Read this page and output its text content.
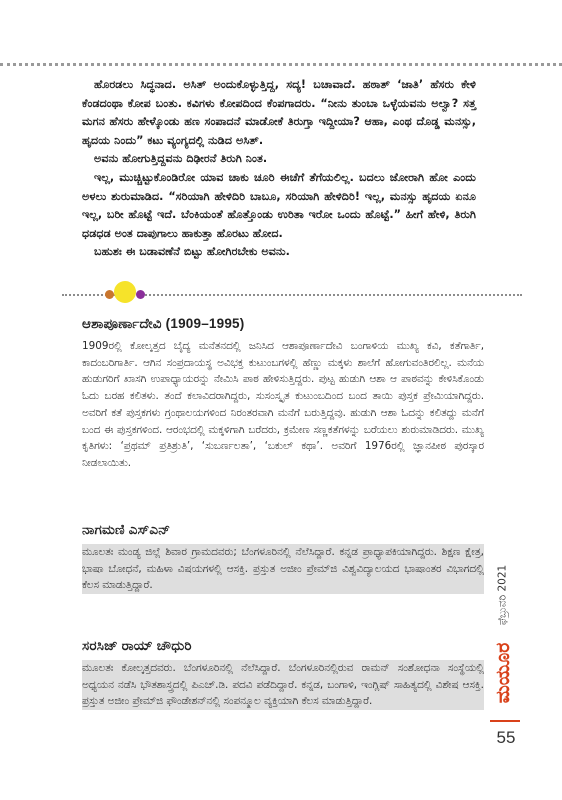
ಹೊರಡಲು ಸಿದ್ಧನಾದ. ಅಸಿತ್ ಅಂದುಕೊಳ್ಳುತ್ತಿದ್ದ, ಸದ್ಯ! ಬಚಾವಾದೆ. ಹಠಾತ್ ‘ಜಾತಿ’ ಹೆಸರು ಕೇಳಿ ಕೆಂಡದಂಥಾ ಕೋಪ ಬಂತು. ಕವಿಗಳು ಕೋಪದಿಂದ ಕೆಂಪಗಾದರು. “ನೀನು ತುಂಬಾ ಒಳ್ಳೆಯವನು ಅಲ್ವಾ? ಸತ್ತ ಮಗನ ಹೆಸರು ಹೇಳ್ಕೊಂಡು ಹಣ ಸಂಪಾದನೆ ಮಾಡೋಕೆ ತಿರುಗ್ತಾ ಇದ್ದೀಯಾ? ಆಹಾ, ಎಂಥ ದೊಡ್ಡ ಮನಸ್ಸು, ಹೃದಯ ನಿಂದು” ಕಟು ವ್ಯಂಗ್ಯದಲ್ಲಿ ನುಡಿದ ಅಸಿತ್.

ಅವನು ಹೋಗುತ್ತಿದ್ದವನು ದಿಢೀರನೆ ತಿರುಗಿ ನಿಂತ.

ಇಲ್ಲ, ಮುಚ್ಚಿಟ್ಟುಕೊಂಡಿರೋ ಯಾವ ಚಾಕು ಚೂರಿ ಈಚೆಗೆ ತೆಗೆಯಲಿಲ್ಲ. ಬದಲು ಜೋರಾಗಿ ಹೋ ಎಂದು ಅಳಲು ಶುರುಮಾಡಿದ. “ಸರಿಯಾಗಿ ಹೇಳಿದಿರಿ ಬಾಬೂ, ಸರಿಯಾಗಿ ಹೇಳಿದಿರಿ! ಇಲ್ಲ, ಮನಸ್ಸು ಹೃದಯ ಏನೂ ಇಲ್ಲ, ಬರೀ ಹೊಟ್ಟೆ ಇದೆ. ಬೆಂಕಿಯಂತೆ ಹೊತ್ತೊಂಡು ಉರಿತಾ ಇರೋ ಒಂದು ಹೊಟ್ಟೆ.” ಹೀಗೆ ಹೇಳಿ, ತಿರುಗಿ ಧಡಧಡ ಅಂತ ದಾಪುಗಾಲು ಹಾಕುತ್ತಾ ಹೊರಟು ಹೋದ.

ಬಹುಶಃ ಈ ಬಡಾವಣೆನೆ ಬಿಟ್ಟು ಹೋಗಿರಬೇಕು ಅವನು.

ಆಶಾಪೂರ್ಣಾದೇವಿ (1909–1995)

1909ರಲ್ಲಿ ಕೋಲ್ಕತ್ತದ ಬೈದ್ಯ ಮನೆತನದಲ್ಲಿ ಜನಿಸಿದ ಆಶಾಪೂರ್ಣಾದೇವಿ ಬಂಗಾಳಿಯ ಮುಖ್ಯ ಕವಿ, ಕತೆಗಾರ್ತಿ, ಕಾದಂಬರಿಗಾರ್ತಿ. ಆಗಿನ ಸಂಪ್ರದಾಯಸ್ಥ ಅವಿಭಕ್ತ ಕುಟುಂಬಗಳಲ್ಲಿ ಹೆಣ್ಣು ಮಕ್ಕಳು ಶಾಲೆಗೆ ಹೋಗುವಂತಿರಲಿಲ್ಲ. ಮನೆಯ ಹುಡುಗರಿಗೆ ಖಾಸಗಿ ಉಪಾಧ್ಯಾಯರನ್ನು ನೇಮಿಸಿ ಪಾಠ ಹೇಳಿಸುತ್ತಿದ್ದರು. ಪುಟ್ಟ ಹುಡುಗಿ ಆಶಾ ಆ ಪಾಠವನ್ನು ಕೇಳಿಸಿಕೊಂಡು ಓದು ಬರಹ ಕಲಿತಳು. ತಂದೆ ಕಲಾವಿದರಾಗಿದ್ದರು, ಸುಸಂಸ್ಕೃತ ಕುಟುಂಬದಿಂದ ಬಂದ ತಾಯಿ ಪುಸ್ತಕ ಪ್ರೇಮಿಯಾಗಿದ್ದರು. ಅವರಿಗೆ ಕತೆ ಪುಸ್ತಕಗಳು ಗ್ರಂಥಾಲಯಗಳಿಂದ ನಿರಂತರವಾಗಿ ಮನೆಗೆ ಬರುತ್ತಿದ್ದವು. ಹುಡುಗಿ ಆಶಾ ಓದನ್ನು ಕಲಿತದ್ದು ಮನೆಗೆ ಬಂದ ಈ ಪುಸ್ತಕಗಳಿಂದ. ಆರಂಭದಲ್ಲಿ ಮಕ್ಕಳಿಗಾಗಿ ಬರೆದರು, ಕ್ರಮೇಣ ಸಣ್ಣಕತೆಗಳನ್ನು ಬರೆಯಲು ಶುರುಮಾಡಿದರು. ಮುಖ್ಯ ಕೃತಿಗಳು: ‘ಪ್ರಥಮ್ ಪ್ರತಿಶ್ರುತಿ’, ‘ಸುಬರ್ಣಲತಾ’, ‘ಬಕುಲ್ ಕಥಾ’. ಅವರಿಗೆ 1976ರಲ್ಲಿ ಜ್ಞಾನಪೀಠ ಪುರಸ್ಕಾರ ನೀಡಲಾಯಿತು.

ನಾಗಮಣಿ ಎಸ್‌ಎನ್

ಮೂಲತಃ ಮಂಡ್ಯ ಜಿಲ್ಲೆ ಶಿವಾರ ಗ್ರಾಮದವರು; ಬೆಂಗಳೂರಿನಲ್ಲಿ ನೆಲೆಸಿದ್ದಾರೆ. ಕನ್ನಡ ಪ್ರಾಧ್ಯಾಪಕಿಯಾಗಿದ್ದರು. ಶಿಕ್ಷಣ ಕ್ಷೇತ್ರ, ಭಾಷಾ ಬೋಧನೆ, ಮಹಿಳಾ ವಿಷಯಗಳಲ್ಲಿ ಆಸಕ್ತಿ. ಪ್ರಸ್ತುತ ಅಜೀಂ ಪ್ರೇಮ್‌ಜಿ ವಿಶ್ವವಿದ್ಯಾಲಯದ ಭಾಷಾಂತರ ವಿಭಾಗದಲ್ಲಿ ಕೆಲಸ ಮಾಡುತ್ತಿದ್ದಾರೆ.

ಸರಸಿಜ್ ರಾಯ್ ಚೌಧುರಿ

ಮೂಲತಃ ಕೋಲ್ಕತ್ತದವರು. ಬೆಂಗಳೂರಿನಲ್ಲಿ ನೆಲೆಸಿದ್ದಾರೆ. ಬೆಂಗಳೂರಿನಲ್ಲಿರುವ ರಾಮನ್ ಸಂಶೋಧನಾ ಸಂಸ್ಥೆಯಲ್ಲಿ ಅಧ್ಯಯನ ನಡೆಸಿ ಭೌತಶಾಸ್ತ್ರದಲ್ಲಿ ಪಿಎಚ್.ಡಿ. ಪದವಿ ಪಡೆದಿದ್ದಾರೆ. ಕನ್ನಡ, ಬಂಗಾಳಿ, ಇಂಗ್ಲಿಷ್ ಸಾಹಿತ್ಯದಲ್ಲಿ ವಿಶೇಷ ಆಸಕ್ತಿ. ಪ್ರಸ್ತುತ ಅಜೀಂ ಪ್ರೇಮ್‌ಜಿ ಫೌಂಡೇಶನ್‌ನಲ್ಲಿ ಸಂಪನ್ಮೂಲ ವ್ಯಕ್ತಿಯಾಗಿ ಕೆಲಸ ಮಾಡುತ್ತಿದ್ದಾರೆ.

ಫೆಬ್ರುವರಿ 2021
ಮಯೂರ
55
